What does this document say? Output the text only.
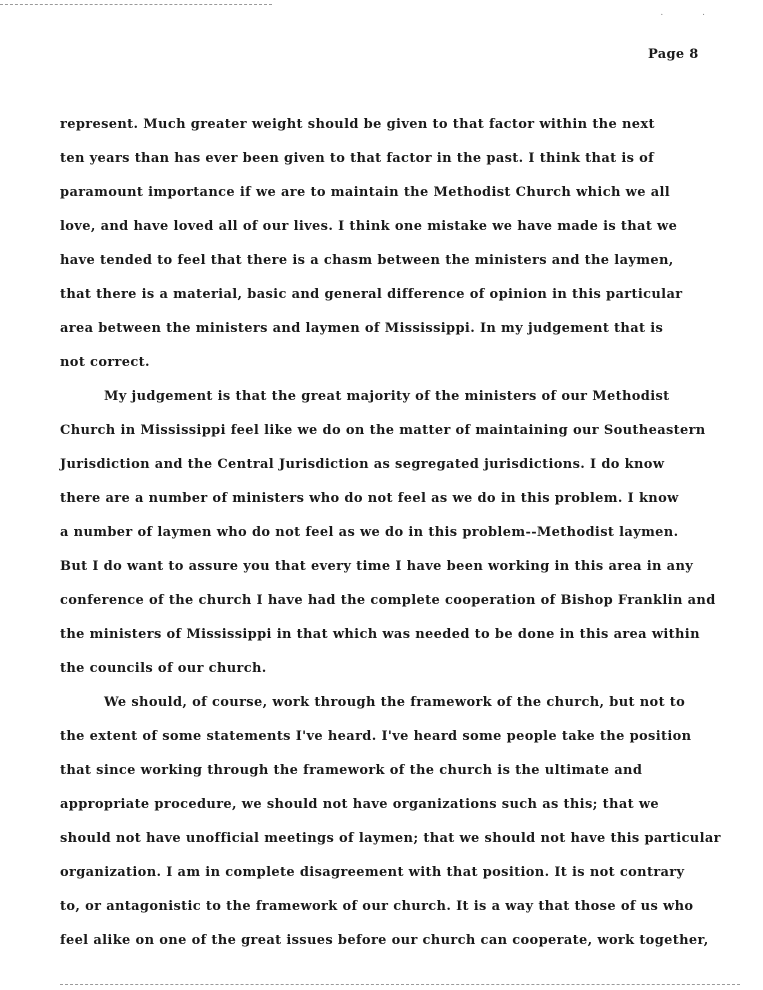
. .
Page 8
represent. Much greater weight should be given to that factor within the next
ten years than has ever been given to that factor in the past. I think that is of
paramount importance if we are to maintain the Methodist Church which we all
love, and have loved all of our lives. I think one mistake we have made is that we
have tended to feel that there is a chasm between the ministers and the laymen,
that there is a material, basic and general difference of opinion in this particular
area between the ministers and laymen of Mississippi. In my judgement that is
not correct.
My judgement is that the great majority of the ministers of our Methodist
Church in Mississippi feel like we do on the matter of maintaining our Southeastern
Jurisdiction and the Central Jurisdiction as segregated jurisdictions. I do know
there are a number of ministers who do not feel as we do in this problem. I know
a number of laymen who do not feel as we do in this problem--Methodist laymen.
But I do want to assure you that every time I have been working in this area in any
conference of the church I have had the complete cooperation of Bishop Franklin and
the ministers of Mississippi in that which was needed to be done in this area within
the councils of our church.
We should, of course, work through the framework of the church, but not to
the extent of some statements I've heard. I've heard some people take the position
that since working through the framework of the church is the ultimate and
appropriate procedure, we should not have organizations such as this; that we
should not have unofficial meetings of laymen; that we should not have this particular
organization. I am in complete disagreement with that position. It is not contrary
to, or antagonistic to the framework of our church. It is a way that those of us who
feel alike on one of the great issues before our church can cooperate, work together,
